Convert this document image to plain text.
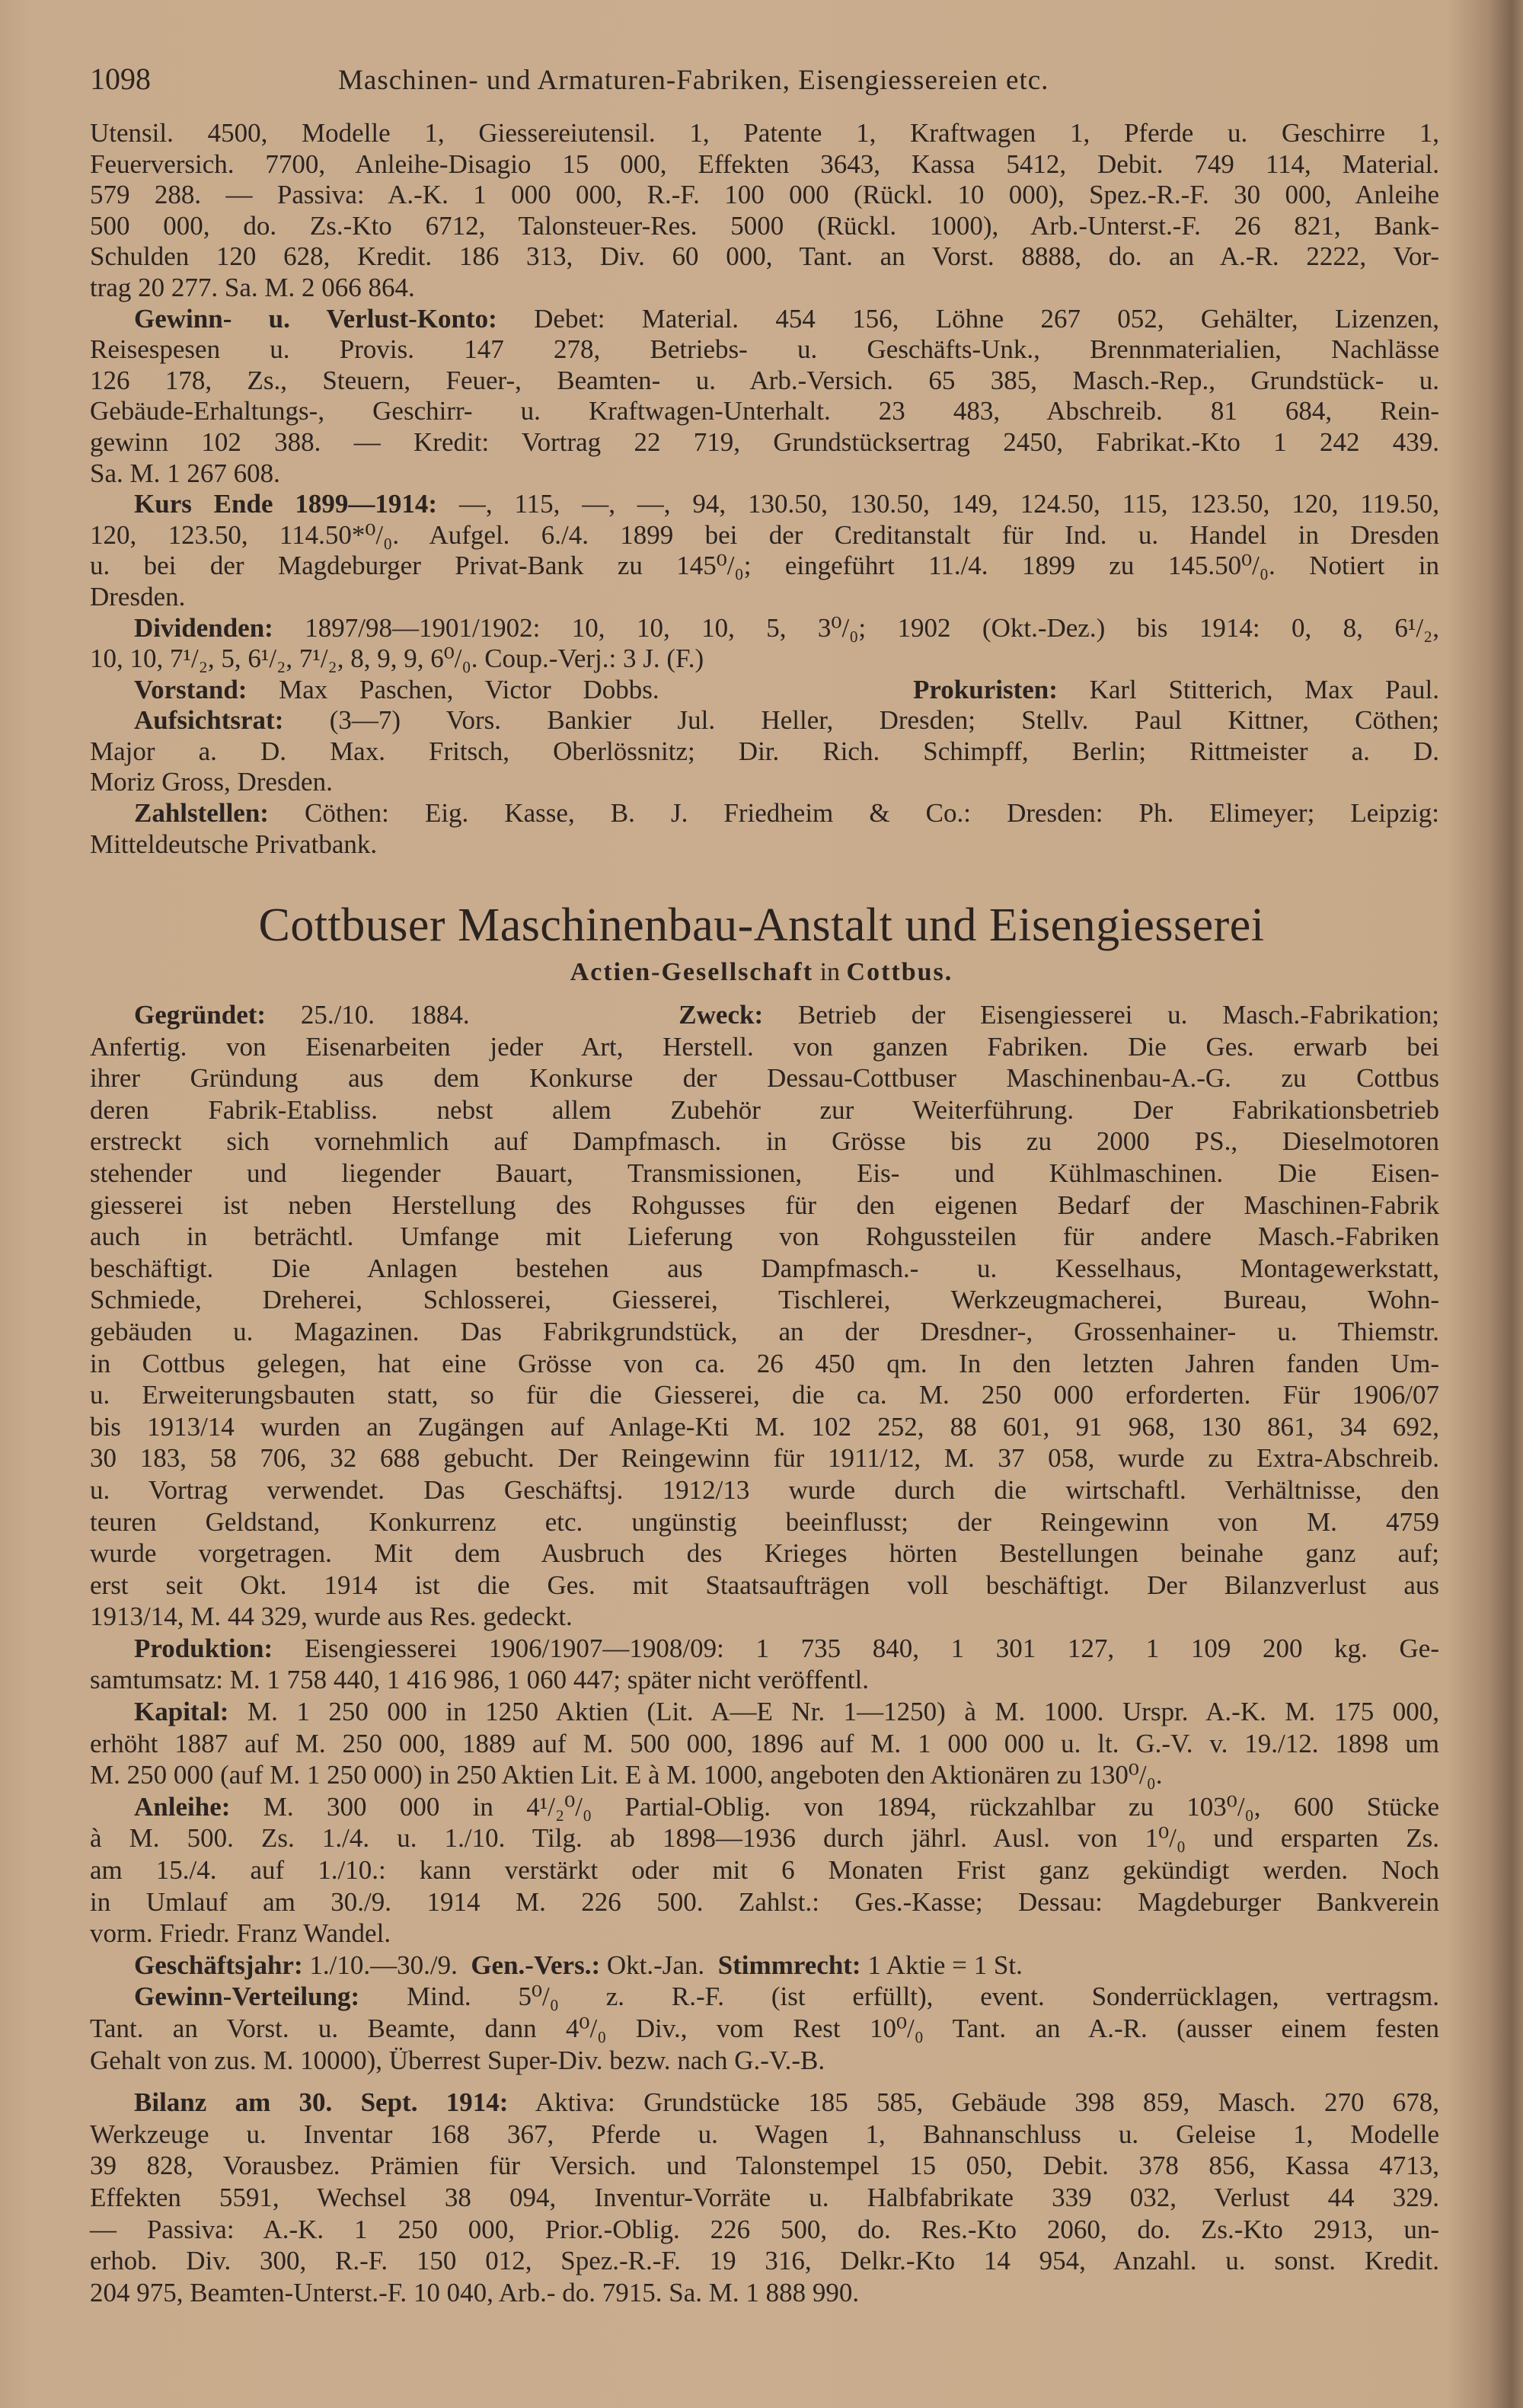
1098	Maschinen- und Armaturen-Fabriken, Eisengiessereien etc.
Utensil. 4500, Modelle 1, Giessereiutensil. 1, Patente 1, Kraftwagen 1, Pferde u. Geschirre 1,
Feuerversich. 7700, Anleihe-Disagio 15 000, Effekten 3643, Kassa 5412, Debit. 749 114, Material.
579 288. — Passiva: A.-K. 1 000 000, R.-F. 100 000 (Rückl. 10 000), Spez.-R.-F. 30 000, Anleihe
500 000, do. Zs.-Kto 6712, Talonsteuer-Res. 5000 (Rückl. 1000), Arb.-Unterst.-F. 26 821, Bank-
Schulden 120 628, Kredit. 186 313, Div. 60 000, Tant. an Vorst. 8888, do. an A.-R. 2222, Vor-
trag 20 277. Sa. M. 2 066 864.
Gewinn- u. Verlust-Konto: Debet: Material. 454 156, Löhne 267 052, Gehälter, Lizenzen,
Reisespesen u. Provis. 147 278, Betriebs- u. Geschäfts-Unk., Brennmaterialien, Nachlässe
126 178, Zs., Steuern, Feuer-, Beamten- u. Arb.-Versich. 65 385, Masch.-Rep., Grundstück- u.
Gebäude-Erhaltungs-, Geschirr- u. Kraftwagen-Unterhalt. 23 483, Abschreib. 81 684, Rein-
gewinn 102 388. — Kredit: Vortrag 22 719, Grundstücksertrag 2450, Fabrikat.-Kto 1 242 439.
Sa. M. 1 267 608.
Kurs Ende 1899—1914: —, 115, —, —, 94, 130.50, 130.50, 149, 124.50, 115, 123.50, 120, 119.50,
120, 123.50, 114.50*⁰/₀. Aufgel. 6./4. 1899 bei der Creditanstalt für Ind. u. Handel in Dresden
u. bei der Magdeburger Privat-Bank zu 145⁰/₀; eingeführt 11./4. 1899 zu 145.50⁰/₀. Notiert in
Dresden.
Dividenden: 1897/98—1901/1902: 10, 10, 10, 5, 3⁰/₀; 1902 (Okt.-Dez.) bis 1914: 0, 8, 6¹/₂,
10, 10, 7¹/₂, 5, 6¹/₂, 7¹/₂, 8, 9, 9, 6⁰/₀. Coup.-Verj.: 3 J. (F.)
Vorstand: Max Paschen, Victor Dobbs.        Prokuristen: Karl Stitterich, Max Paul.
Aufsichtsrat: (3—7) Vors. Bankier Jul. Heller, Dresden; Stellv. Paul Kittner, Cöthen;
Major a. D. Max. Fritsch, Oberlössnitz; Dir. Rich. Schimpff, Berlin; Rittmeister a. D.
Moriz Gross, Dresden.
Zahlstellen: Cöthen: Eig. Kasse, B. J. Friedheim & Co.: Dresden: Ph. Elimeyer; Leipzig:
Mitteldeutsche Privatbank.
Cottbuser Maschinenbau-Anstalt und Eisengiesserei
Actien-Gesellschaft in Cottbus.
Gegründet: 25./10. 1884.      Zweck: Betrieb der Eisengiesserei u. Masch.-Fabrikation;
Anfertig. von Eisenarbeiten jeder Art, Herstell. von ganzen Fabriken. Die Ges. erwarb bei
ihrer Gründung aus dem Konkurse der Dessau-Cottbuser Maschinenbau-A.-G. zu Cottbus
deren Fabrik-Etabliss. nebst allem Zubehör zur Weiterführung. Der Fabrikationsbetrieb
erstreckt sich vornehmlich auf Dampfmasch. in Grösse bis zu 2000 PS., Dieselmotoren
stehender und liegender Bauart, Transmissionen, Eis- und Kühlmaschinen. Die Eisen-
giesserei ist neben Herstellung des Rohgusses für den eigenen Bedarf der Maschinen-Fabrik
auch in beträchtl. Umfange mit Lieferung von Rohgussteilen für andere Masch.-Fabriken
beschäftigt. Die Anlagen bestehen aus Dampfmasch.- u. Kesselhaus, Montagewerkstatt,
Schmiede, Dreherei, Schlosserei, Giesserei, Tischlerei, Werkzeugmacherei, Bureau, Wohn-
gebäuden u. Magazinen. Das Fabrikgrundstück, an der Dresdner-, Grossenhainer- u. Thiemstr.
in Cottbus gelegen, hat eine Grösse von ca. 26 450 qm. In den letzten Jahren fanden Um-
u. Erweiterungsbauten statt, so für die Giesserei, die ca. M. 250 000 erforderten. Für 1906/07
bis 1913/14 wurden an Zugängen auf Anlage-Kti M. 102 252, 88 601, 91 968, 130 861, 34 692,
30 183, 58 706, 32 688 gebucht. Der Reingewinn für 1911/12, M. 37 058, wurde zu Extra-Abschreib.
u. Vortrag verwendet. Das Geschäftsj. 1912/13 wurde durch die wirtschaftl. Verhältnisse, den
teuren Geldstand, Konkurrenz etc. ungünstig beeinflusst; der Reingewinn von M. 4759
wurde vorgetragen. Mit dem Ausbruch des Krieges hörten Bestellungen beinahe ganz auf;
erst seit Okt. 1914 ist die Ges. mit Staatsaufträgen voll beschäftigt. Der Bilanzverlust aus
1913/14, M. 44 329, wurde aus Res. gedeckt.
Produktion: Eisengiesserei 1906/1907—1908/09: 1 735 840, 1 301 127, 1 109 200 kg. Ge-
samtumsatz: M. 1 758 440, 1 416 986, 1 060 447; später nicht veröffentl.
Kapital: M. 1 250 000 in 1250 Aktien (Lit. A—E Nr. 1—1250) à M. 1000. Urspr. A.-K. M. 175 000,
erhöht 1887 auf M. 250 000, 1889 auf M. 500 000, 1896 auf M. 1 000 000 u. lt. G.-V. v. 19./12. 1898 um
M. 250 000 (auf M. 1 250 000) in 250 Aktien Lit. E à M. 1000, angeboten den Aktionären zu 130⁰/₀.
Anleihe: M. 300 000 in 4¹/₂⁰/₀ Partial-Oblig. von 1894, rückzahlbar zu 103⁰/₀, 600 Stücke
à M. 500. Zs. 1./4. u. 1./10. Tilg. ab 1898—1936 durch jährl. Ausl. von 1⁰/₀ und ersparten Zs.
am 15./4. auf 1./10.: kann verstärkt oder mit 6 Monaten Frist ganz gekündigt werden. Noch
in Umlauf am 30./9. 1914 M. 226 500. Zahlst.: Ges.-Kasse; Dessau: Magdeburger Bankverein
vorm. Friedr. Franz Wandel.
Geschäftsjahr: 1./10.—30./9.  Gen.-Vers.: Okt.-Jan.  Stimmrecht: 1 Aktie = 1 St.
Gewinn-Verteilung: Mind. 5⁰/₀ z. R.-F. (ist erfüllt), event. Sonderrücklagen, vertragsm.
Tant. an Vorst. u. Beamte, dann 4⁰/₀ Div., vom Rest 10⁰/₀ Tant. an A.-R. (ausser einem festen
Gehalt von zus. M. 10000), Überrest Super-Div. bezw. nach G.-V.-B.
Bilanz am 30. Sept. 1914: Aktiva: Grundstücke 185 585, Gebäude 398 859, Masch. 270 678,
Werkzeuge u. Inventar 168 367, Pferde u. Wagen 1, Bahnanschluss u. Geleise 1, Modelle
39 828, Vorausbez. Prämien für Versich. und Talonstempel 15 050, Debit. 378 856, Kassa 4713,
Effekten 5591, Wechsel 38 094, Inventur-Vorräte u. Halbfabrikate 339 032, Verlust 44 329.
— Passiva: A.-K. 1 250 000, Prior.-Oblig. 226 500, do. Res.-Kto 2060, do. Zs.-Kto 2913, un-
erhob. Div. 300, R.-F. 150 012, Spez.-R.-F. 19 316, Delkr.-Kto 14 954, Anzahl. u. sonst. Kredit.
204 975, Beamten-Unterst.-F. 10 040, Arb.- do. 7915. Sa. M. 1 888 990.
